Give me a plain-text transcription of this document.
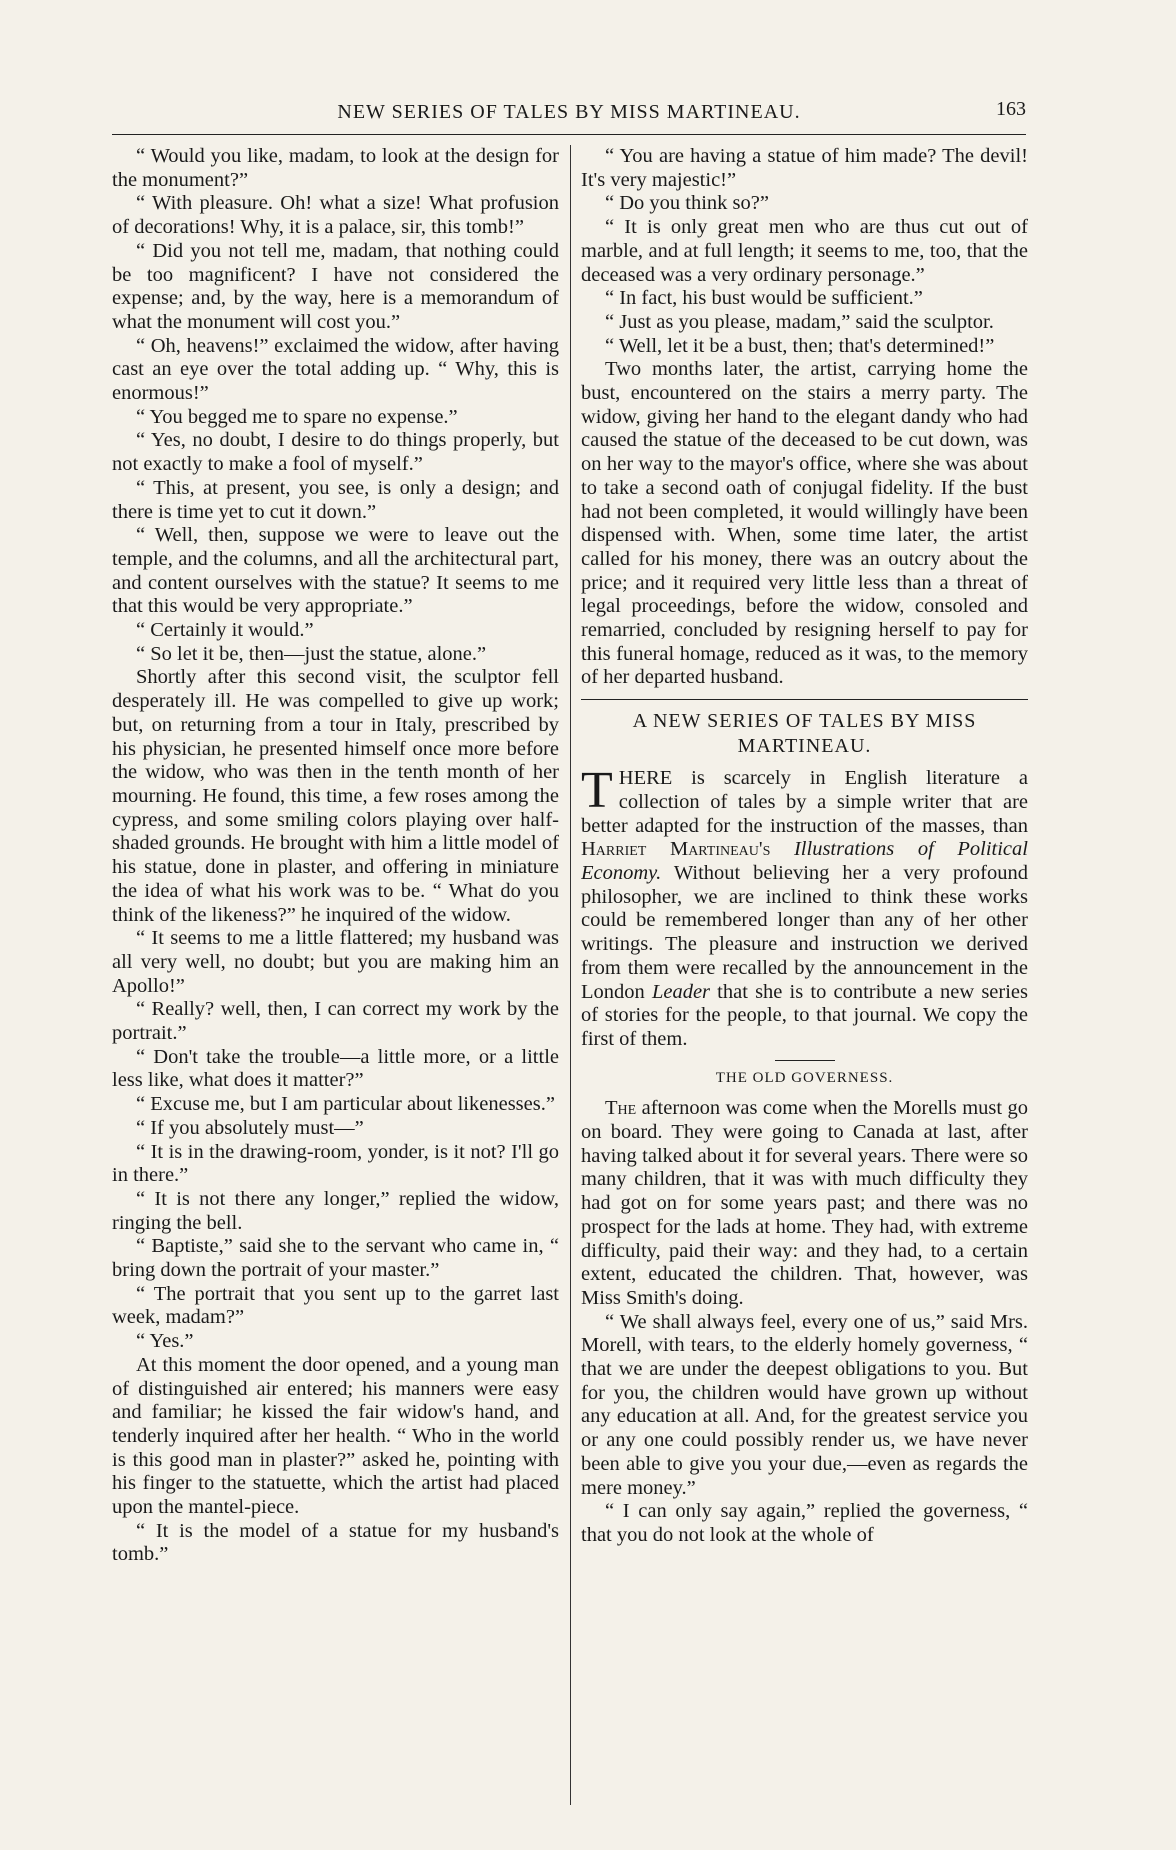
NEW SERIES OF TALES BY MISS MARTINEAU.	163

“ Would you like, madam, to look at the design for the monument?”

“ With pleasure. Oh! what a size! What profusion of decorations! Why, it is a palace, sir, this tomb!”

“ Did you not tell me, madam, that nothing could be too magnificent? I have not considered the expense; and, by the way, here is a memorandum of what the monument will cost you.”

“ Oh, heavens!” exclaimed the widow, after having cast an eye over the total adding up. “ Why, this is enormous!”

“ You begged me to spare no expense.”

“ Yes, no doubt, I desire to do things properly, but not exactly to make a fool of myself.”

“ This, at present, you see, is only a design; and there is time yet to cut it down.”

“ Well, then, suppose we were to leave out the temple, and the columns, and all the architectural part, and content ourselves with the statue? It seems to me that this would be very appropriate.”

“ Certainly it would.”

“ So let it be, then—just the statue, alone.”

Shortly after this second visit, the sculptor fell desperately ill. He was compelled to give up work; but, on returning from a tour in Italy, prescribed by his physician, he presented himself once more before the widow, who was then in the tenth month of her mourning. He found, this time, a few roses among the cypress, and some smiling colors playing over half-shaded grounds. He brought with him a little model of his statue, done in plaster, and offering in miniature the idea of what his work was to be. “ What do you think of the likeness?” he inquired of the widow.

“ It seems to me a little flattered; my husband was all very well, no doubt; but you are making him an Apollo!”

“ Really? well, then, I can correct my work by the portrait.”

“ Don't take the trouble—a little more, or a little less like, what does it matter?”

“ Excuse me, but I am particular about likenesses.”

“ If you absolutely must—”

“ It is in the drawing-room, yonder, is it not? I'll go in there.”

“ It is not there any longer,” replied the widow, ringing the bell.

“ Baptiste,” said she to the servant who came in, “ bring down the portrait of your master.”

“ The portrait that you sent up to the garret last week, madam?”

“ Yes.”

At this moment the door opened, and a young man of distinguished air entered; his manners were easy and familiar; he kissed the fair widow's hand, and tenderly inquired after her health. “ Who in the world is this good man in plaster?” asked he, pointing with his finger to the statuette, which the artist had placed upon the mantel-piece.

“ It is the model of a statue for my husband's tomb.”

“ You are having a statue of him made? The devil! It's very majestic!”

“ Do you think so?”

“ It is only great men who are thus cut out of marble, and at full length; it seems to me, too, that the deceased was a very ordinary personage.”

“ In fact, his bust would be sufficient.”

“ Just as you please, madam,” said the sculptor.

“ Well, let it be a bust, then; that's determined!”

Two months later, the artist, carrying home the bust, encountered on the stairs a merry party. The widow, giving her hand to the elegant dandy who had caused the statue of the deceased to be cut down, was on her way to the mayor's office, where she was about to take a second oath of conjugal fidelity. If the bust had not been completed, it would willingly have been dispensed with. When, some time later, the artist called for his money, there was an outcry about the price; and it required very little less than a threat of legal proceedings, before the widow, consoled and remarried, concluded by resigning herself to pay for this funeral homage, reduced as it was, to the memory of her departed husband.

A NEW SERIES OF TALES BY MISS MARTINEAU.

THERE is scarcely in English literature a collection of tales by a simple writer that are better adapted for the instruction of the masses, than Harriet Martineau's Illustrations of Political Economy. Without believing her a very profound philosopher, we are inclined to think these works could be remembered longer than any of her other writings. The pleasure and instruction we derived from them were recalled by the announcement in the London Leader that she is to contribute a new series of stories for the people, to that journal. We copy the first of them.

THE OLD GOVERNESS.

The afternoon was come when the Morells must go on board. They were going to Canada at last, after having talked about it for several years. There were so many children, that it was with much difficulty they had got on for some years past; and there was no prospect for the lads at home. They had, with extreme difficulty, paid their way: and they had, to a certain extent, educated the children. That, however, was Miss Smith's doing.

“ We shall always feel, every one of us,” said Mrs. Morell, with tears, to the elderly homely governess, “ that we are under the deepest obligations to you. But for you, the children would have grown up without any education at all. And, for the greatest service you or any one could possibly render us, we have never been able to give you your due,—even as regards the mere money.”

“ I can only say again,” replied the governess, “ that you do not look at the whole of
